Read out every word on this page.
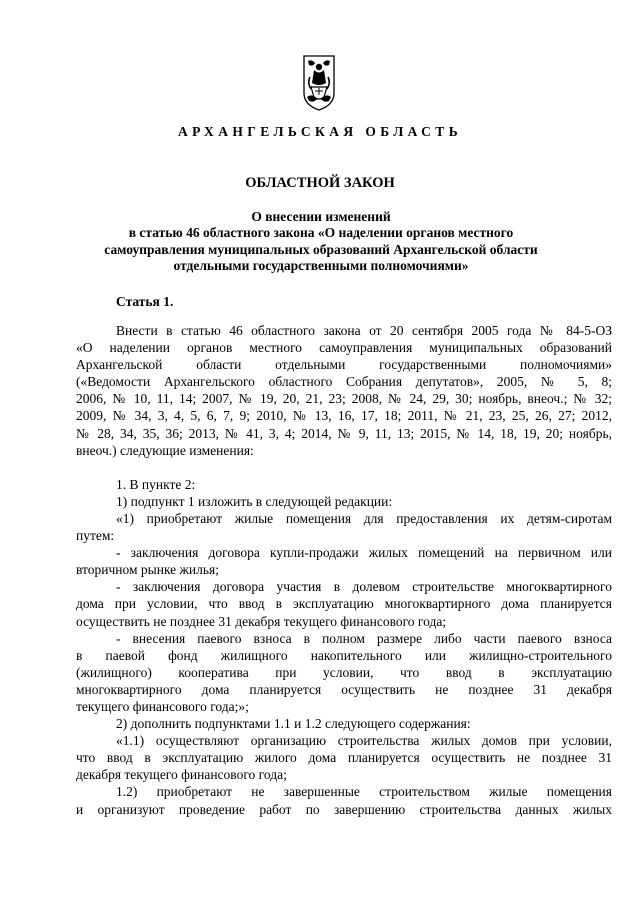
АРХАНГЕЛЬСКАЯ ОБЛАСТЬ
ОБЛАСТНОЙ ЗАКОН
О внесении изменений
в статью 46 областного закона «О наделении органов местного
самоуправления муниципальных образований Архангельской области
отдельными государственными полномочиями»
Статья 1.
Внести в статью 46 областного закона от 20 сентября 2005 года № 84-5-ОЗ
«О наделении органов местного самоуправления муниципальных образований
Архангельской области отдельными государственными полномочиями»
(«Ведомости Архангельского областного Собрания депутатов», 2005, № 5, 8;
2006, № 10, 11, 14; 2007, № 19, 20, 21, 23; 2008, № 24, 29, 30; ноябрь, внеоч.; № 32;
2009, № 34, 3, 4, 5, 6, 7, 9; 2010, № 13, 16, 17, 18; 2011, № 21, 23, 25, 26, 27; 2012,
№ 28, 34, 35, 36; 2013, № 41, 3, 4; 2014, № 9, 11, 13; 2015, № 14, 18, 19, 20; ноябрь,
внеоч.) следующие изменения:
1. В пункте 2:
1) подпункт 1 изложить в следующей редакции:
«1) приобретают жилые помещения для предоставления их детям-сиротам
путем:
- заключения договора купли-продажи жилых помещений на первичном или
вторичном рынке жилья;
- заключения договора участия в долевом строительстве многоквартирного
дома при условии, что ввод в эксплуатацию многоквартирного дома планируется
осуществить не позднее 31 декабря текущего финансового года;
- внесения паевого взноса в полном размере либо части паевого взноса
в паевой фонд жилищного накопительного или жилищно-строительного
(жилищного) кооператива при условии, что ввод в эксплуатацию
многоквартирного дома планируется осуществить не позднее 31 декабря
текущего финансового года;»;
2) дополнить подпунктами 1.1 и 1.2 следующего содержания:
«1.1) осуществляют организацию строительства жилых домов при условии,
что ввод в эксплуатацию жилого дома планируется осуществить не позднее 31
декабря текущего финансового года;
1.2) приобретают не завершенные строительством жилые помещения
и организуют проведение работ по завершению строительства данных жилых
